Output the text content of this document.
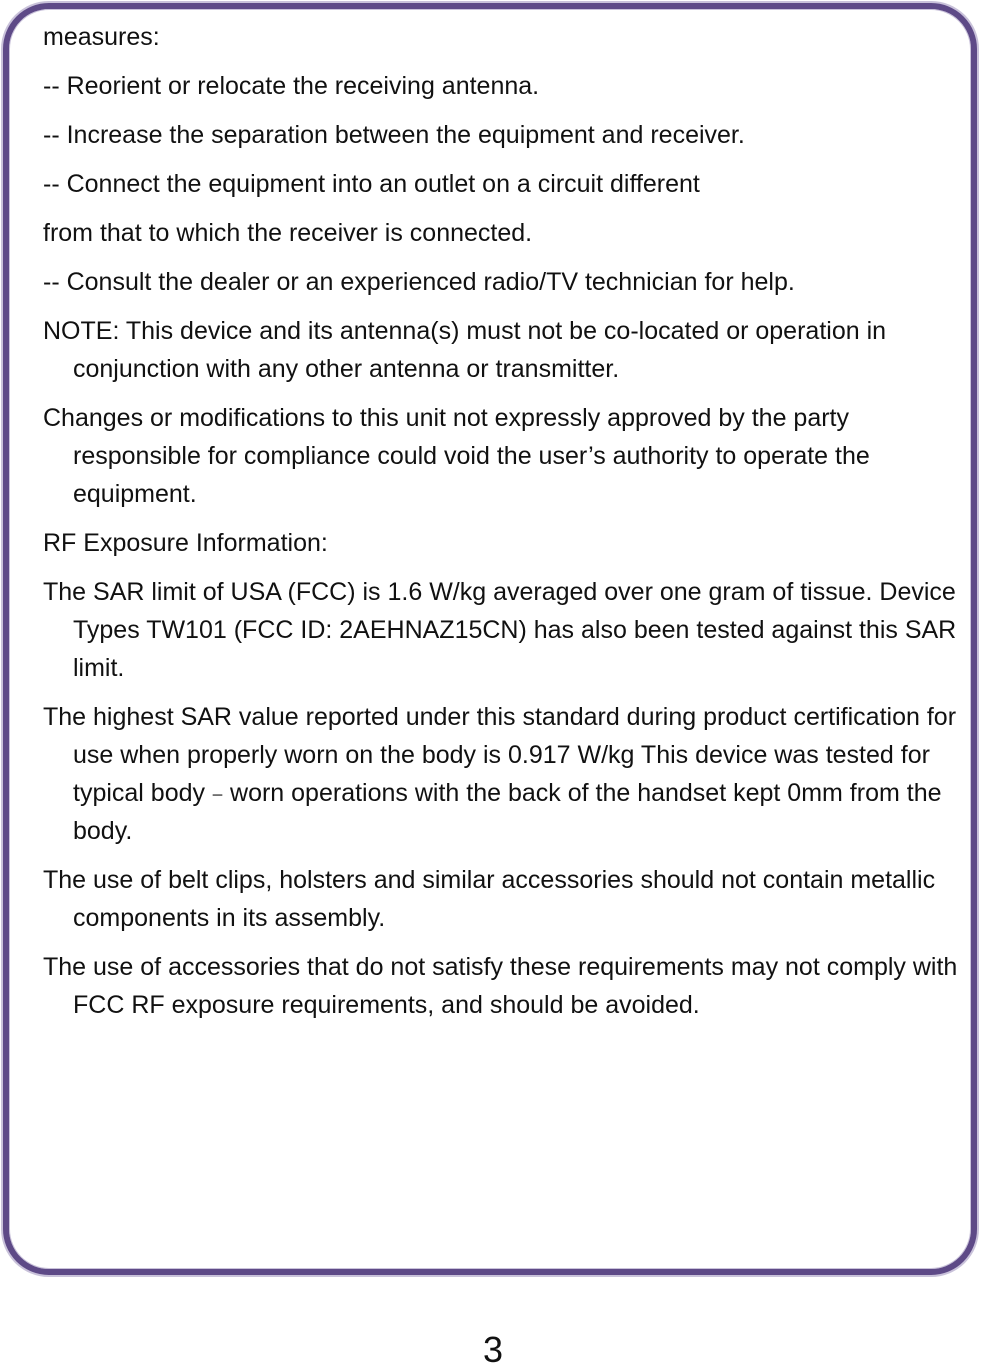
measures:

-- Reorient or relocate the receiving antenna.

-- Increase the separation between the equipment and receiver.

-- Connect the equipment into an outlet on a circuit different

from that to which the receiver is connected.

-- Consult the dealer or an experienced radio/TV technician for help.

NOTE: This device and its antenna(s) must not be co-located or operation in conjunction with any other antenna or transmitter.

Changes or modifications to this unit not expressly approved by the party responsible for compliance could void the user’s authority to operate the equipment.

RF Exposure Information:

The SAR limit of USA (FCC) is 1.6 W/kg averaged over one gram of tissue. Device Types TW101 (FCC ID: 2AEHNAZ15CN) has also been tested against this SAR limit.

The highest SAR value reported under this standard during product certification for use when properly worn on the body is 0.917 W/kg This device was tested for typical body﹣worn operations with the back of the handset kept 0mm from the body.

The use of belt clips, holsters and similar accessories should not contain metallic components in its assembly.

The use of accessories that do not satisfy these requirements may not comply with FCC RF exposure requirements, and should be avoided.

3
